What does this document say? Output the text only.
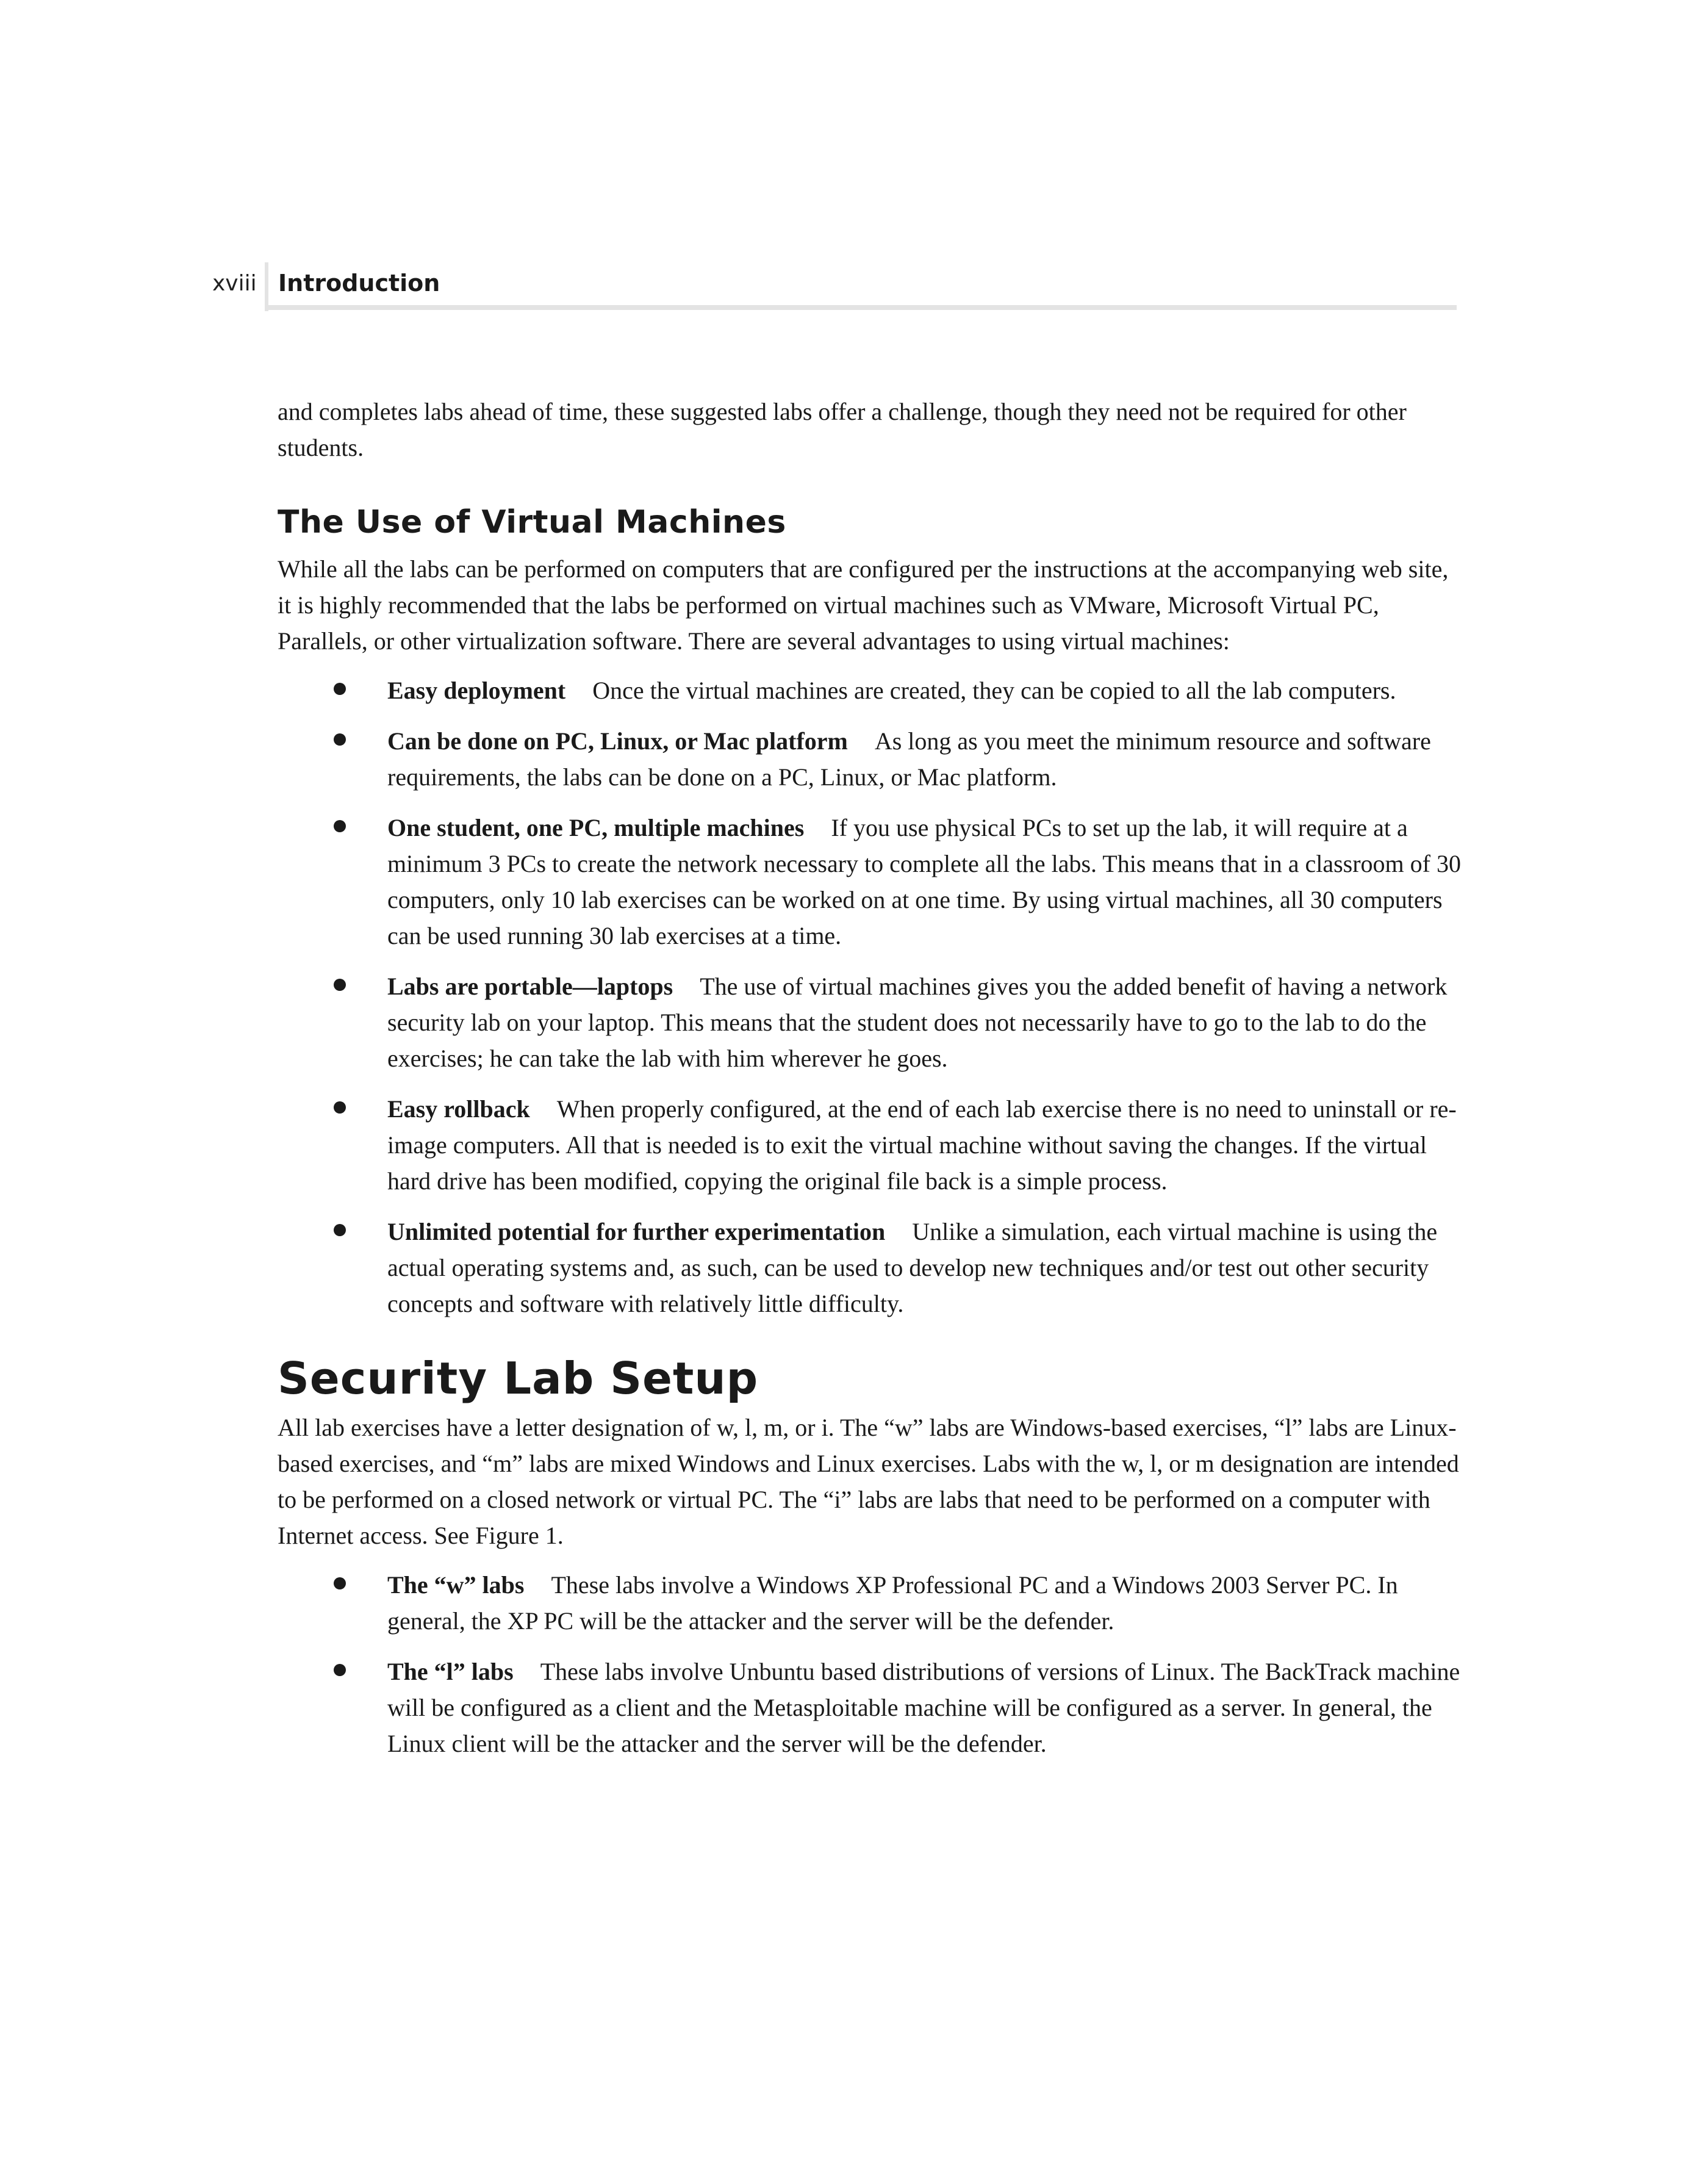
xviii Introduction

and completes labs ahead of time, these suggested labs offer a challenge, though they need not be required for other students.

The Use of Virtual Machines

While all the labs can be performed on computers that are configured per the instructions at the accompanying web site, it is highly recommended that the labs be performed on virtual machines such as VMware, Microsoft Virtual PC, Parallels, or other virtualization software. There are several advantages to using virtual machines:

Easy deployment Once the virtual machines are created, they can be copied to all the lab computers.
Can be done on PC, Linux, or Mac platform As long as you meet the minimum resource and software requirements, the labs can be done on a PC, Linux, or Mac platform.
One student, one PC, multiple machines If you use physical PCs to set up the lab, it will require at a minimum 3 PCs to create the network necessary to complete all the labs. This means that in a classroom of 30 computers, only 10 lab exercises can be worked on at one time. By using virtual machines, all 30 computers can be used running 30 lab exercises at a time.
Labs are portable—laptops The use of virtual machines gives you the added benefit of having a network security lab on your laptop. This means that the student does not necessarily have to go to the lab to do the exercises; he can take the lab with him wherever he goes.
Easy rollback When properly configured, at the end of each lab exercise there is no need to uninstall or re-image computers. All that is needed is to exit the virtual machine without saving the changes. If the virtual hard drive has been modified, copying the original file back is a simple process.
Unlimited potential for further experimentation Unlike a simulation, each virtual machine is using the actual operating systems and, as such, can be used to develop new techniques and/or test out other security concepts and software with relatively little difficulty.
Security Lab Setup

All lab exercises have a letter designation of w, l, m, or i. The “w” labs are Windows-based exercises, “l” labs are Linux-based exercises, and “m” labs are mixed Windows and Linux exercises. Labs with the w, l, or m designation are intended to be performed on a closed network or virtual PC. The “i” labs are labs that need to be performed on a computer with Internet access. See Figure 1.

The “w” labs These labs involve a Windows XP Professional PC and a Windows 2003 Server PC. In general, the XP PC will be the attacker and the server will be the defender.
The “l” labs These labs involve Unbuntu based distributions of versions of Linux. The BackTrack machine will be configured as a client and the Metasploitable machine will be configured as a server. In general, the Linux client will be the attacker and the server will be the defender.
